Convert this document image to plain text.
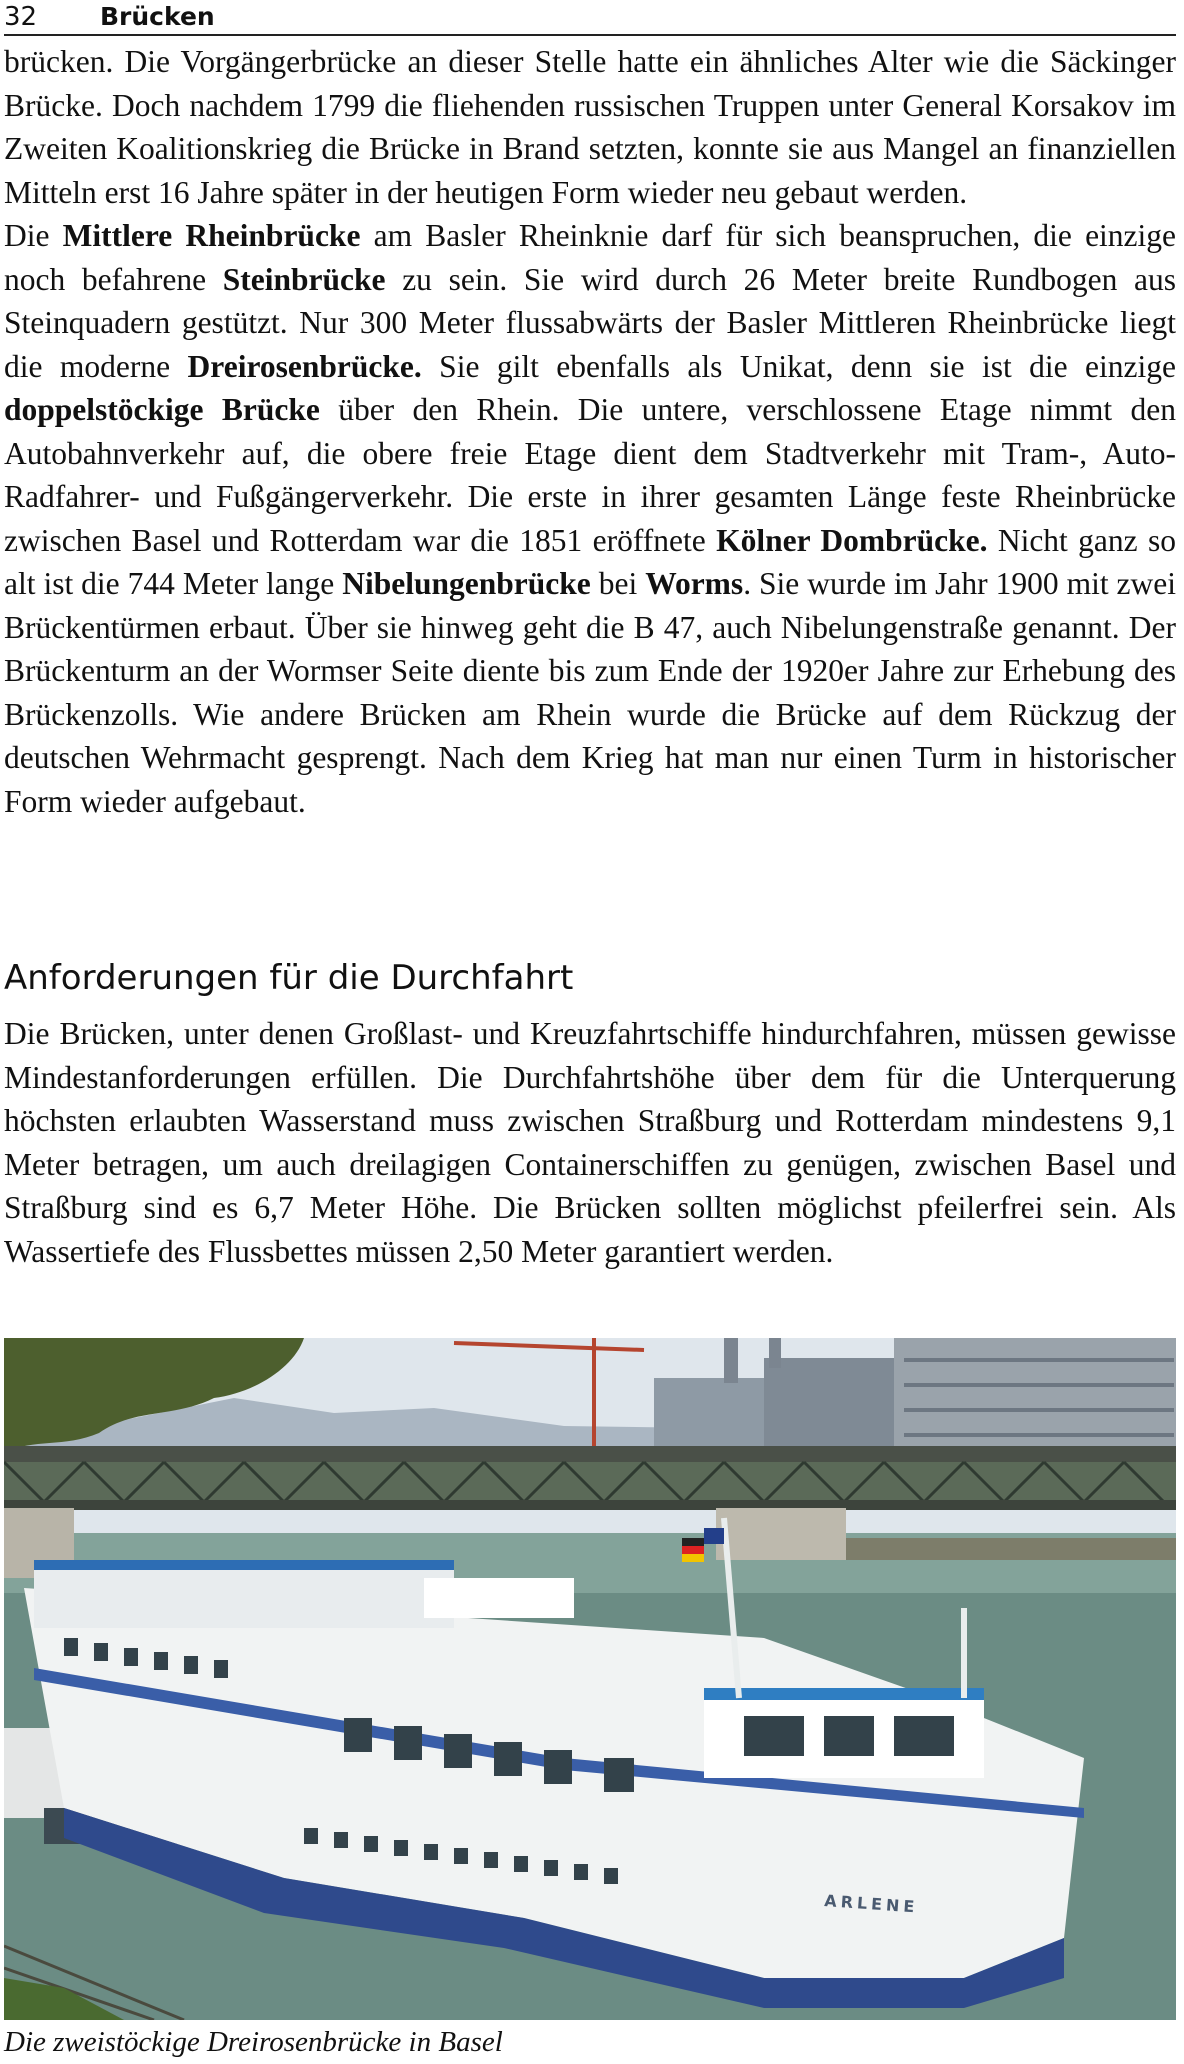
32	Brücken

brücken. Die Vorgängerbrücke an dieser Stelle hatte ein ähnliches Alter wie die Säckinger Brücke. Doch nachdem 1799 die fliehenden russischen Truppen unter General Korsakov im Zweiten Koalitionskrieg die Brücke in Brand setzten, konnte sie aus Mangel an finanziellen Mitteln erst 16 Jahre später in der heutigen Form wieder neu gebaut werden.

Die Mittlere Rheinbrücke am Basler Rheinknie darf für sich beanspruchen, die einzige noch befahrene Steinbrücke zu sein. Sie wird durch 26 Meter breite Rundbogen aus Steinquadern gestützt. Nur 300 Meter flussabwärts der Basler Mittleren Rheinbrücke liegt die moderne Dreirosenbrücke. Sie gilt ebenfalls als Unikat, denn sie ist die einzige doppelstöckige Brücke über den Rhein. Die untere, verschlossene Etage nimmt den Autobahnverkehr auf, die obere freie Etage dient dem Stadtverkehr mit Tram-, Auto- Radfahrer- und Fußgängerverkehr. Die erste in ihrer gesamten Länge feste Rheinbrücke zwischen Basel und Rotterdam war die 1851 eröffnete Kölner Dombrücke. Nicht ganz so alt ist die 744 Meter lange Nibelungenbrücke bei Worms. Sie wurde im Jahr 1900 mit zwei Brückentürmen erbaut. Über sie hinweg geht die B 47, auch Nibelungenstraße genannt. Der Brückenturm an der Wormser Seite diente bis zum Ende der 1920er Jahre zur Erhebung des Brückenzolls. Wie andere Brücken am Rhein wurde die Brücke auf dem Rückzug der deutschen Wehrmacht gesprengt. Nach dem Krieg hat man nur einen Turm in historischer Form wieder aufgebaut.

Anforderungen für die Durchfahrt

Die Brücken, unter denen Großlast- und Kreuzfahrtschiffe hindurchfahren, müssen gewisse Mindestanforderungen erfüllen. Die Durchfahrtshöhe über dem für die Unterquerung höchsten erlaubten Wasserstand muss zwischen Straßburg und Rotterdam mindestens 9,1 Meter betragen, um auch dreilagigen Containerschiffen zu genügen, zwischen Basel und Straßburg sind es 6,7 Meter Höhe. Die Brücken sollten möglichst pfeilerfrei sein. Als Wassertiefe des Flussbettes müssen 2,50 Meter garantiert werden.

ARLENE
Die zweistöckige Dreirosenbrücke in Basel
